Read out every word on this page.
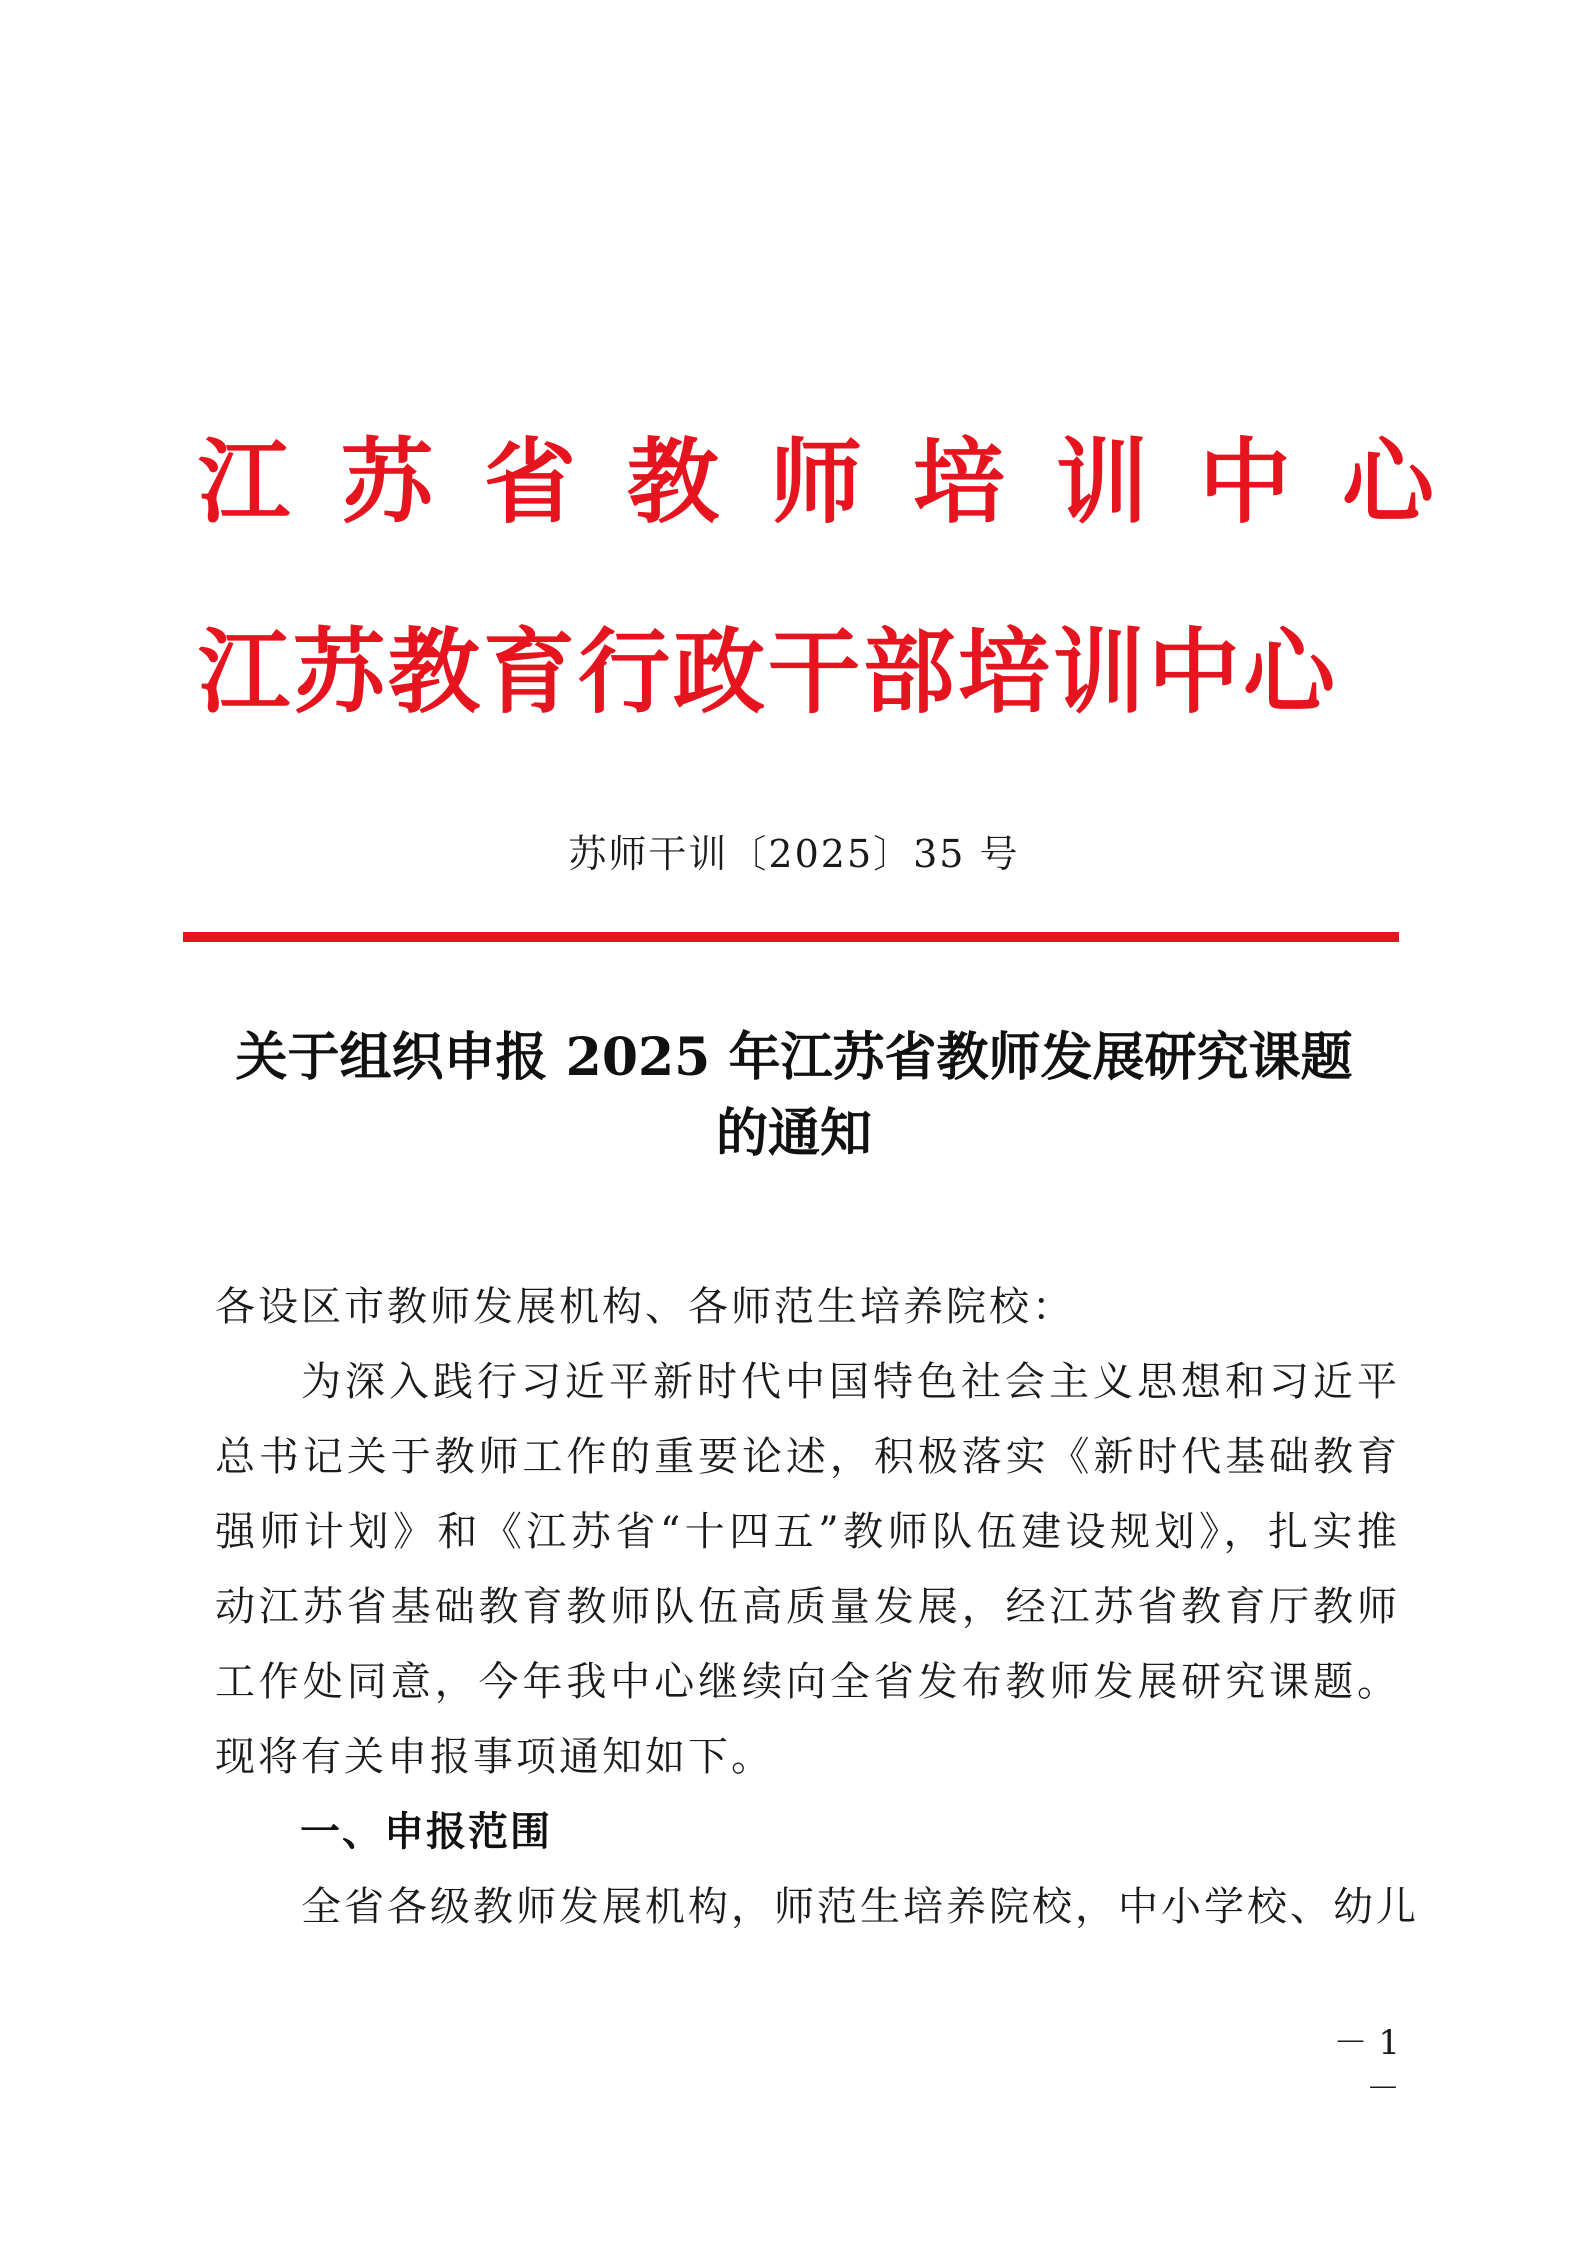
江苏省教师培训中心
江苏教育行政干部培训中心
苏师干训〔2025〕35 号
关于组织申报 2025 年江苏省教师发展研究课题
的通知
各设区市教师发展机构、各师范生培养院校：
为深入践行习近平新时代中国特色社会主义思想和习近平总书记关于教师工作的重要论述，积极落实《新时代基础教育强师计划》和《江苏省“十四五”教师队伍建设规划》，扎实推动江苏省基础教育教师队伍高质量发展，经江苏省教育厅教师工作处同意，今年我中心继续向全省发布教师发展研究课题。现将有关申报事项通知如下。
一、申报范围
全省各级教师发展机构，师范生培养院校，中小学校、幼儿
－ 1 －
